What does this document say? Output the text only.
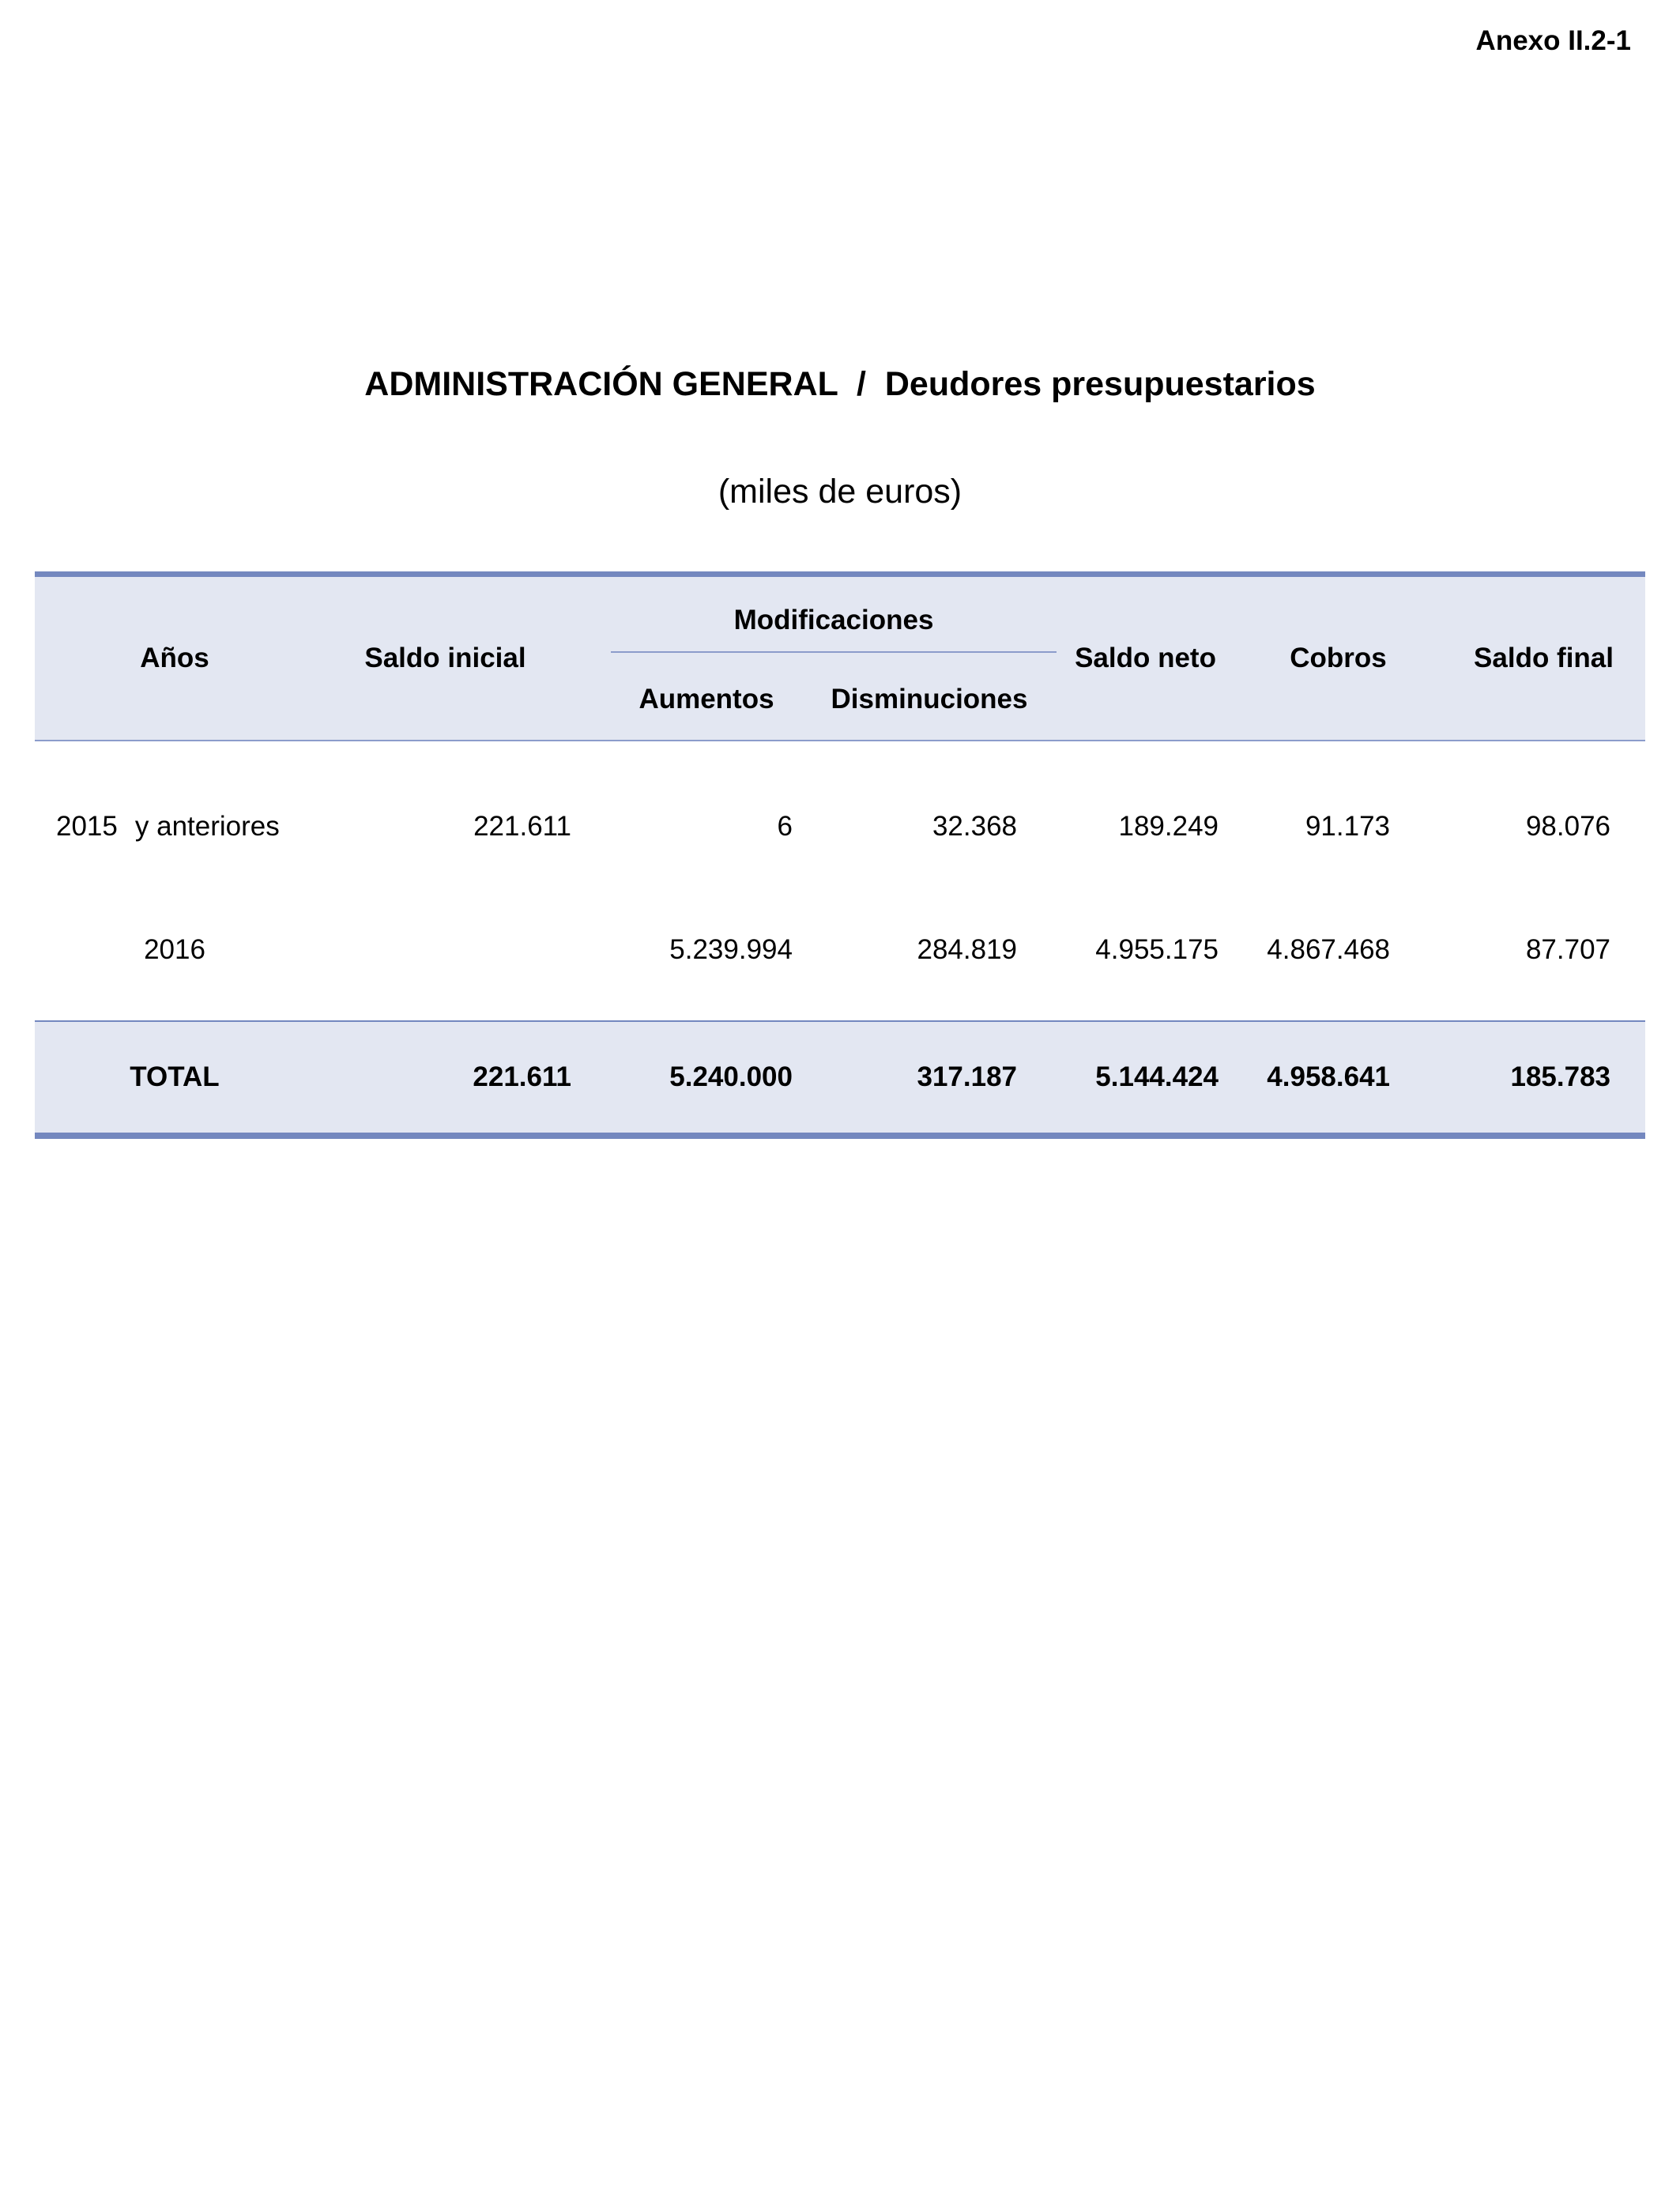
Anexo II.2-1
ADMINISTRACIÓN GENERAL  /  Deudores presupuestarios
(miles de euros)
Años	Saldo inicial	Modificaciones		Saldo neto	Cobros	Saldo final
		Aumentos	Disminuciones			
2015 y anteriores	221.611	6	32.368	189.249	91.173	98.076
2016		5.239.994	284.819	4.955.175	4.867.468	87.707
TOTAL	221.611	5.240.000	317.187	5.144.424	4.958.641	185.783
